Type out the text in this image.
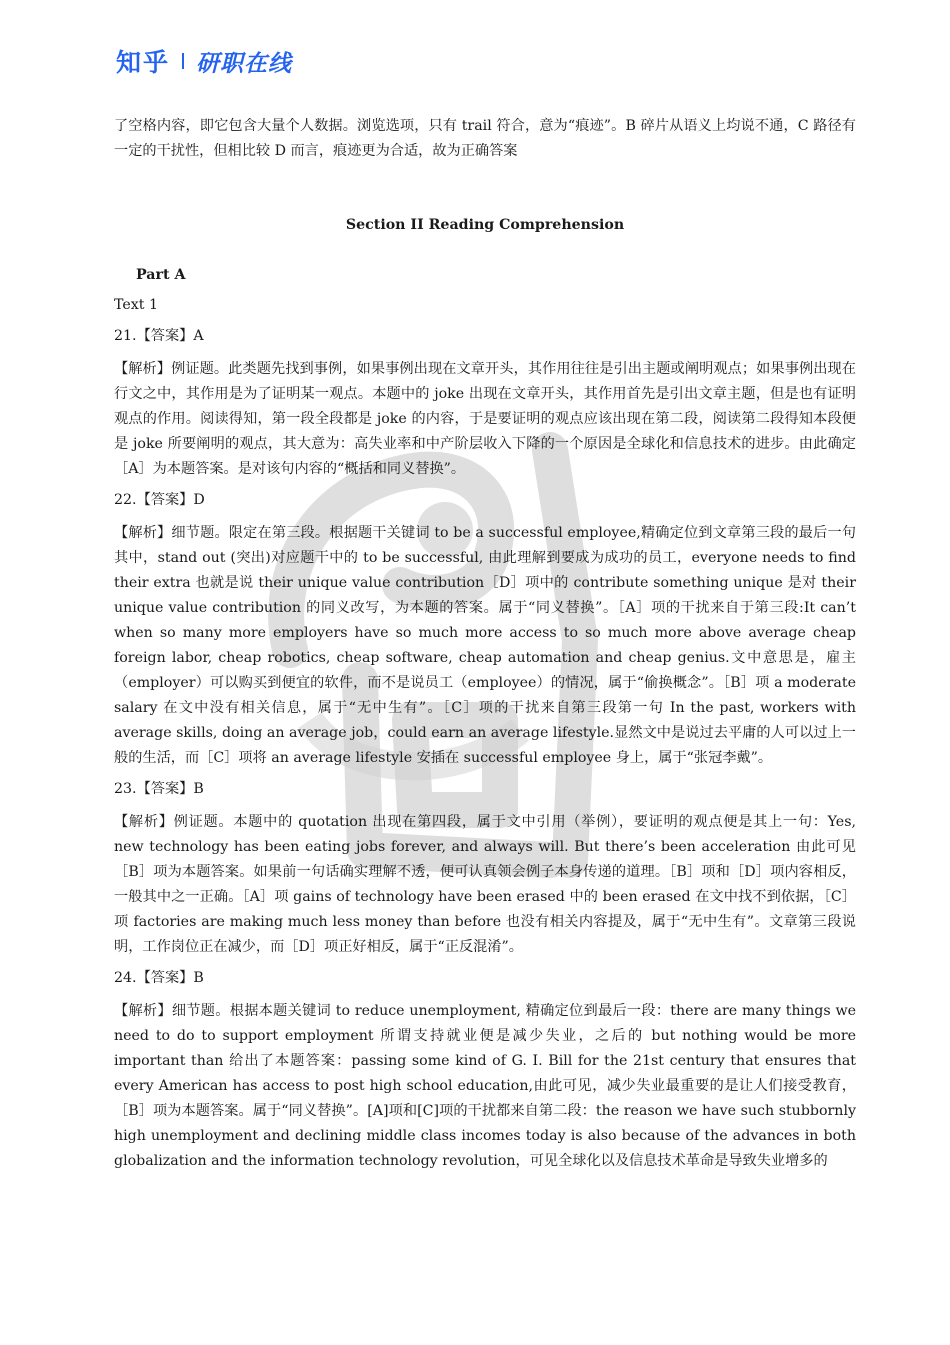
知乎 研职在线

了空格内容，即它包含大量个人数据。浏览选项，只有 trail 符合，意为“痕迹”。B 碎片从语义上均说不通，C 路径有一定的干扰性，但相比较 D 而言，痕迹更为合适，故为正确答案

Section II Reading Comprehension

Part A

Text 1

21.【答案】A

【解析】例证题。此类题先找到事例，如果事例出现在文章开头，其作用往往是引出主题或阐明观点；如果事例出现在行文之中，其作用是为了证明某一观点。本题中的 joke 出现在文章开头，其作用首先是引出文章主题，但是也有证明观点的作用。阅读得知，第一段全段都是 joke 的内容，于是要证明的观点应该出现在第二段，阅读第二段得知本段便是 joke 所要阐明的观点，其大意为：高失业率和中产阶层收入下降的一个原因是全球化和信息技术的进步。由此确定［A］为本题答案。是对该句内容的“概括和同义替换”。

22.【答案】D

【解析】细节题。限定在第三段。根据题干关键词 to be a successful employee,精确定位到文章第三段的最后一句其中，stand out (突出)对应题干中的 to be successful, 由此理解到要成为成功的员工，everyone needs to find their extra 也就是说 their unique value contribution［D］项中的 contribute something unique 是对 their unique value contribution 的同义改写，为本题的答案。属于“同义替换”。［A］项的干扰来自于第三段:It can’t when so many more employers have so much more access to so much more above average cheap foreign labor, cheap robotics, cheap software, cheap automation and cheap genius.文中意思是，雇主（employer）可以购买到便宜的软件，而不是说员工（employee）的情况，属于“偷换概念”。［B］项 a moderate salary 在文中没有相关信息，属于“无中生有”。［C］项的干扰来自第三段第一句 In the past, workers with average skills, doing an average job，could earn an average lifestyle.显然文中是说过去平庸的人可以过上一般的生活，而［C］项将 an average lifestyle 安插在 successful employee 身上，属于“张冠李戴”。

23.【答案】B

【解析】例证题。本题中的 quotation 出现在第四段，属于文中引用（举例），要证明的观点便是其上一句：Yes, new technology has been eating jobs forever, and always will. But there’s been acceleration 由此可见［B］项为本题答案。如果前一句话确实理解不透，便可认真领会例子本身传递的道理。［B］项和［D］项内容相反，一般其中之一正确。［A］项 gains of technology have been erased 中的 been erased 在文中找不到依据，［C］项 factories are making much less money than before 也没有相关内容提及，属于“无中生有”。文章第三段说明，工作岗位正在减少，而［D］项正好相反，属于“正反混淆”。

24.【答案】B

【解析】细节题。根据本题关键词 to reduce unemployment, 精确定位到最后一段：there are many things we need to do to support employment 所谓支持就业便是减少失业，之后的 but nothing would be more important than 给出了本题答案：passing some kind of G. I. Bill for the 21st century that ensures that every American has access to post high school education,由此可见，减少失业最重要的是让人们接受教育，［B］项为本题答案。属于“同义替换”。[A]项和[C]项的干扰都来自第二段：the reason we have such stubbornly high unemployment and declining middle class incomes today is also because of the advances in both globalization and the information technology revolution，可见全球化以及信息技术革命是导致失业增多的
